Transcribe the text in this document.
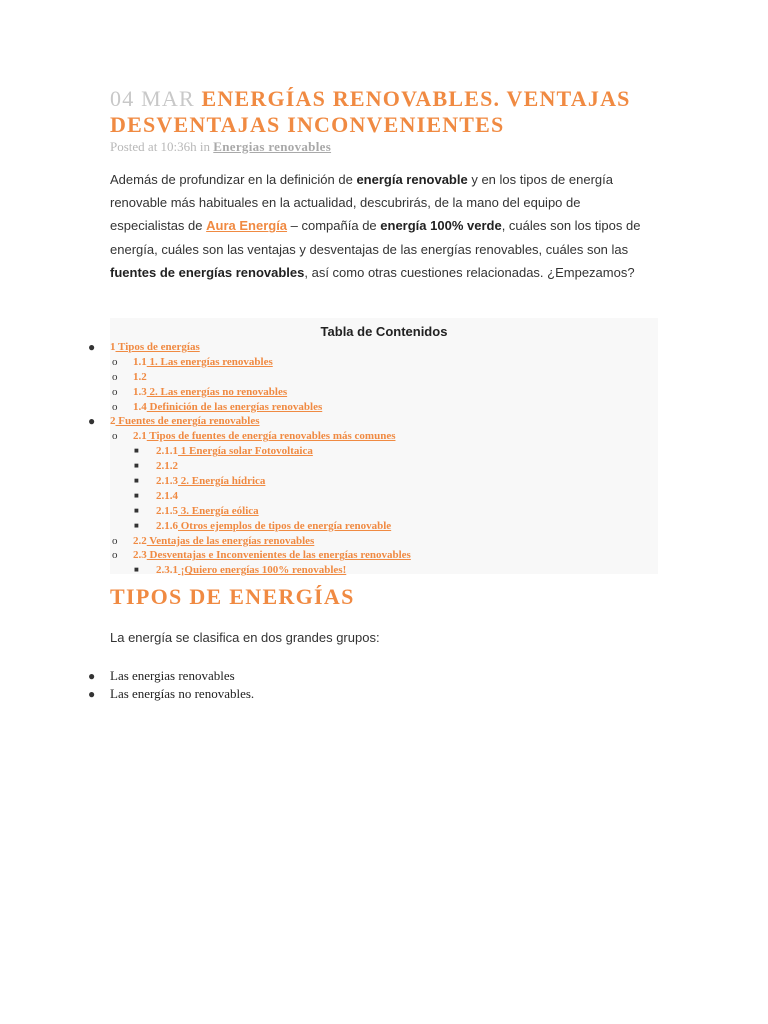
04 MAR ENERGÍAS RENOVABLES. VENTAJAS DESVENTAJAS INCONVENIENTES
Posted at 10:36h in Energias renovables

Además de profundizar en la definición de energía renovable y en los tipos de energía renovable más habituales en la actualidad, descubrirás, de la mano del equipo de especialistas de Aura Energía – compañía de energía 100% verde, cuáles son los tipos de energía, cuáles son las ventajas y desventajas de las energías renovables, cuáles son las fuentes de energías renovables, así como otras cuestiones relacionadas. ¿Empezamos?

Tabla de Contenidos
● 1 Tipos de energías
o 1.1 1. Las energías renovables
o 1.2
o 1.3 2. Las energías no renovables
o 1.4 Definición de las energías renovables
● 2 Fuentes de energía renovables
o 2.1 Tipos de fuentes de energía renovables más comunes
■ 2.1.1 1 Energía solar Fotovoltaica
■ 2.1.2
■ 2.1.3 2. Energía hídrica
■ 2.1.4
■ 2.1.5 3. Energía eólica
■ 2.1.6 Otros ejemplos de tipos de energía renovable
o 2.2 Ventajas de las energías renovables
o 2.3 Desventajas e Inconvenientes de las energías renovables
■ 2.3.1 ¡Quiero energías 100% renovables!
TIPOS DE ENERGÍAS

La energía se clasifica en dos grandes grupos:

● Las energias renovables
● Las energías no renovables.
